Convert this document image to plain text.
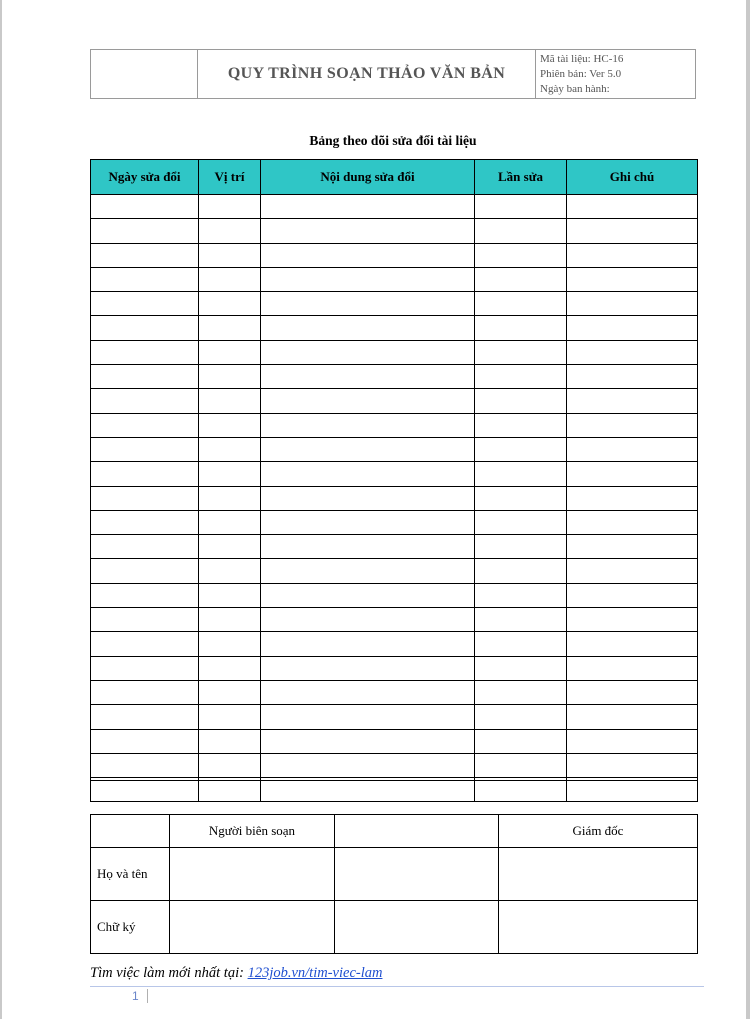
	QUY TRÌNH SOẠN THẢO VĂN BẢN	
Mã tài liệu: HC-16
Phiên bản: Ver 5.0
Ngày ban hành:
Bảng theo dõi sửa đổi tài liệu
Ngày sửa đổi	Vị trí	Nội dung sửa đổi	Lần sửa	Ghi chú

	Người biên soạn		Giám đốc
Họ và tên			
Chữ ký			
Tìm việc làm mới nhất tại: 123job.vn/tim-viec-lam
1
